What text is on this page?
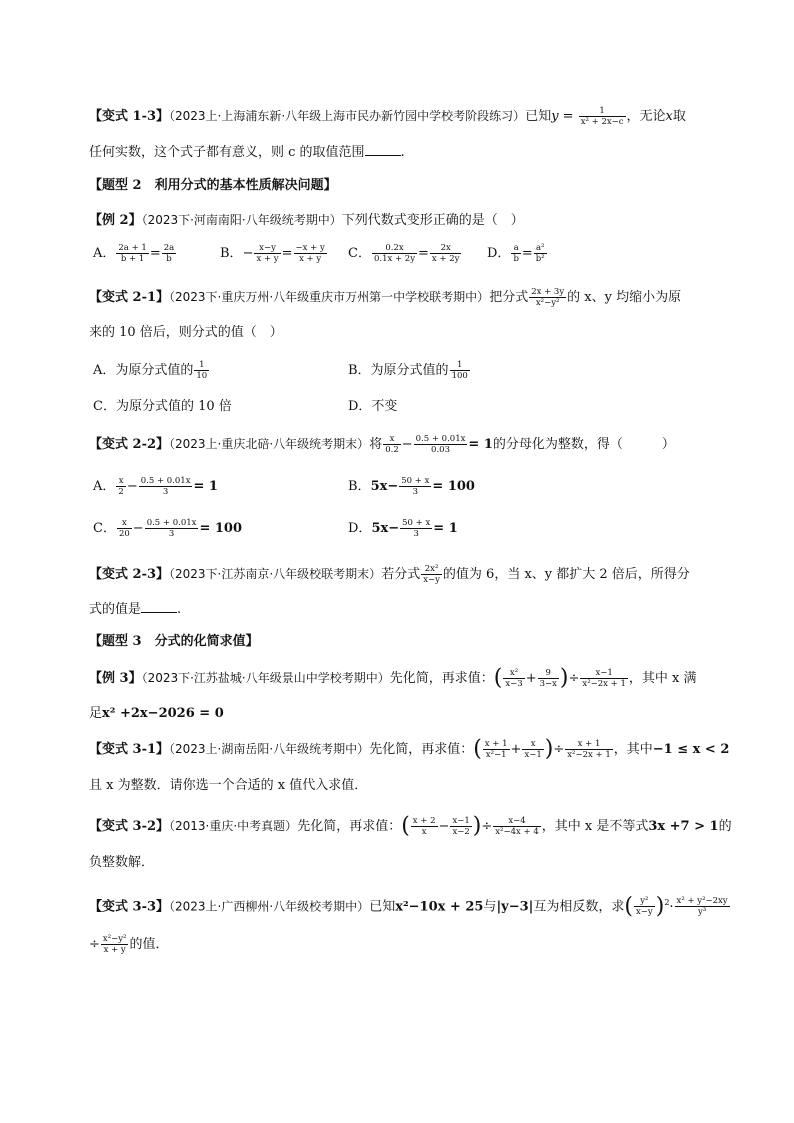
【变式 1-3】（2023上·上海浦东新·八年级上海市民办新竹园中学校考阶段练习）已知$y = \frac{1}{\text{x² + 2x−c}}$ ，无论x取
任何实数，这个式子都有意义，则 c 的取值范围	.
【题型 2　利用分式的基本性质解决问题】
【例 2】（2023下·河南南阳·八年级统考期中）下列代数式变形正确的是（　）
A． $\frac{2a + 1}{b + 1} = \frac{2a}{b}$	B．− $\frac{x-y}{x + y} = \frac{-x + y}{x + y}$ C． $\frac{0.2x}{0.1x + 2y} = \frac{2x}{x + 2y}$ D． $\frac{a}{b} = \frac{\text{a²}}{\text{b²}}$
【变式 2-1】（2023下·重庆万州·八年级重庆市万州第一中学校联考期中）把分式 $\frac{2x + 3y}{\text{x²−y²}}$ 的 x、y 均缩小为原
来的 10 倍后，则分式的值（　）
A．为原分式值的 $\frac{1}{10}$	B．为原分式值的 $\frac{1}{100}$
C．为原分式值的 10 倍	D．不变
【变式 2-2】（2023上·重庆北碚·八年级统考期末）将 $\frac{x}{0.2} - \frac{0.5 + 0.01x}{0.03} = 1$的分母化为整数，得（　　　）
A． $\frac{x}{2} - \frac{0.5 + 0.01x}{3} = 1$	B．$5x- \frac{50 + x}{3} = 100$
C． $\frac{x}{20} - \frac{0.5 + 0.01x}{3} = 100$	D．$5x- \frac{50 + x}{3} = 1$
【变式 2-3】（2023下·江苏南京·八年级校联考期末）若分式 $\frac{\text{2x²}}{x-y}$ 的值为 6，当 x、y 都扩大 2 倍后，所得分
式的值是	.
【题型 3　分式的化简求值】
【例 3】（2023下·江苏盐城·八年级景山中学校考期中）先化简，再求值：( $\frac{\text{x²}}{x-3} + \frac{9}{3-x}$ )÷ $\frac{x-1}{\text{x²−2x + 1}}$ ，其中 x 满
足x² +2x−2026 = 0
【变式 3-1】（2023上·湖南岳阳·八年级统考期中）先化简，再求值：( $\frac{x + 1}{\text{x²−1}} + \frac{x}{x-1}$ )÷ $\frac{x + 1}{\text{x²−2x + 1}}$ ，其中−1 ≤ x < 2
且 x 为整数．请你选一个合适的 x 值代入求值．
【变式 3-2】（2013·重庆·中考真题）先化简，再求值：( $\frac{x + 2}{x} - \frac{x-1}{x-2}$ )÷ $\frac{x-4}{\text{x²−4x + 4}}$ ，其中 x 是不等式3x +7 > 1的
负整数解．
【变式 3-3】（2023上·广西柳州·八年级校考期中）已知x²−10x + 25与|y−3|互为相反数，求( $\frac{\text{y²}}{x-y} )^2\cdot \frac{\text{x² + y²−2xy}}{\text{y³}}$
÷ $\frac{\text{x²−y²}}{x + y}$ 的值．
